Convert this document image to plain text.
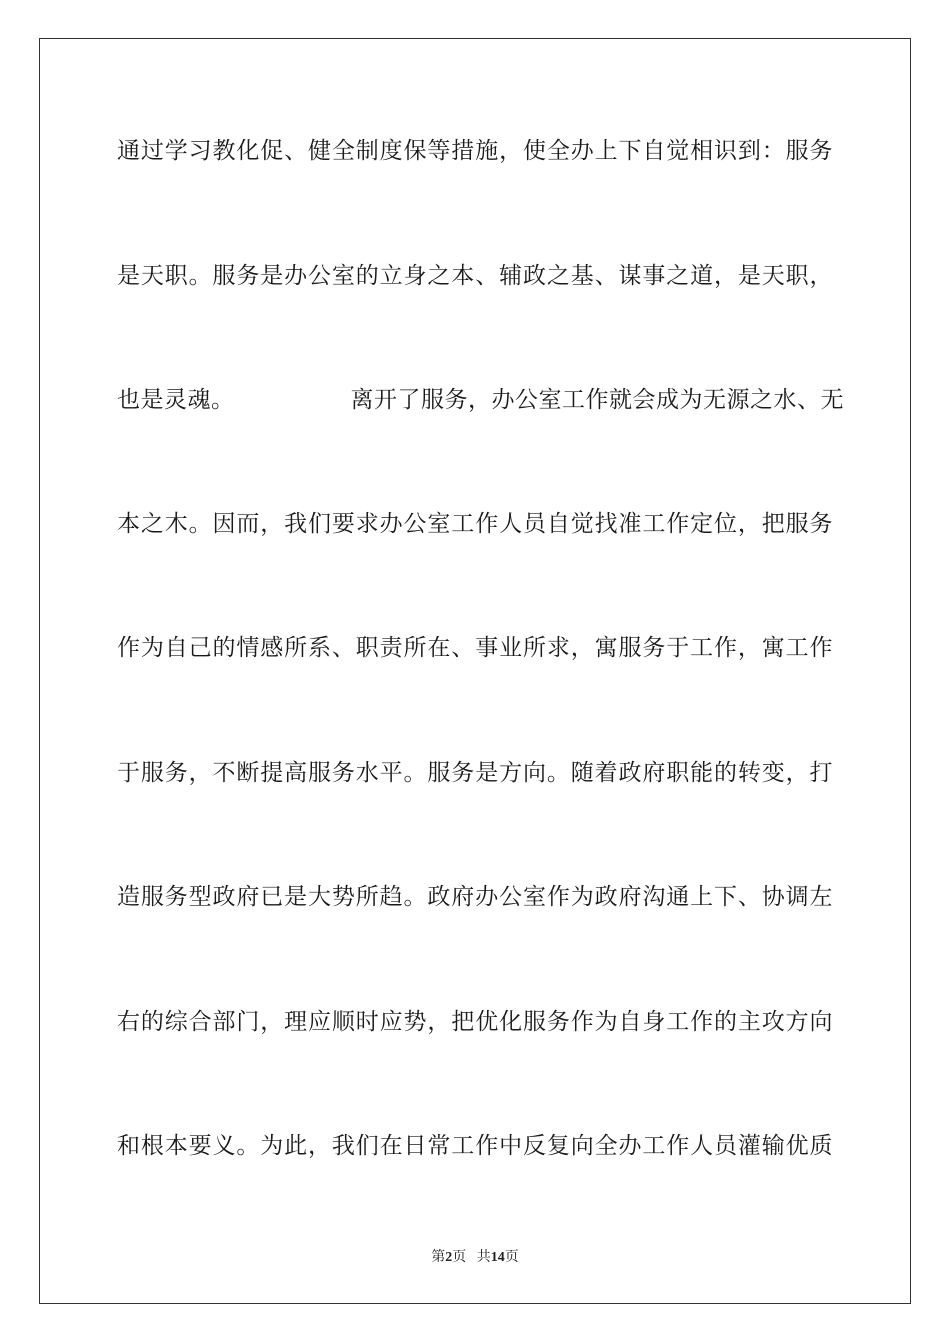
通过学习教化促、健全制度保等措施，使全办上下自觉相识到：服务
是天职。服务是办公室的立身之本、辅政之基、谋事之道，是天职，
也是灵魂。	离开了服务，办公室工作就会成为无源之水、无
本之木。因而，我们要求办公室工作人员自觉找准工作定位，把服务
作为自己的情感所系、职责所在、事业所求，寓服务于工作，寓工作
于服务，不断提高服务水平。服务是方向。随着政府职能的转变，打
造服务型政府已是大势所趋。政府办公室作为政府沟通上下、协调左
右的综合部门，理应顺时应势，把优化服务作为自身工作的主攻方向
和根本要义。为此，我们在日常工作中反复向全办工作人员灌输优质
第2页 共14页
